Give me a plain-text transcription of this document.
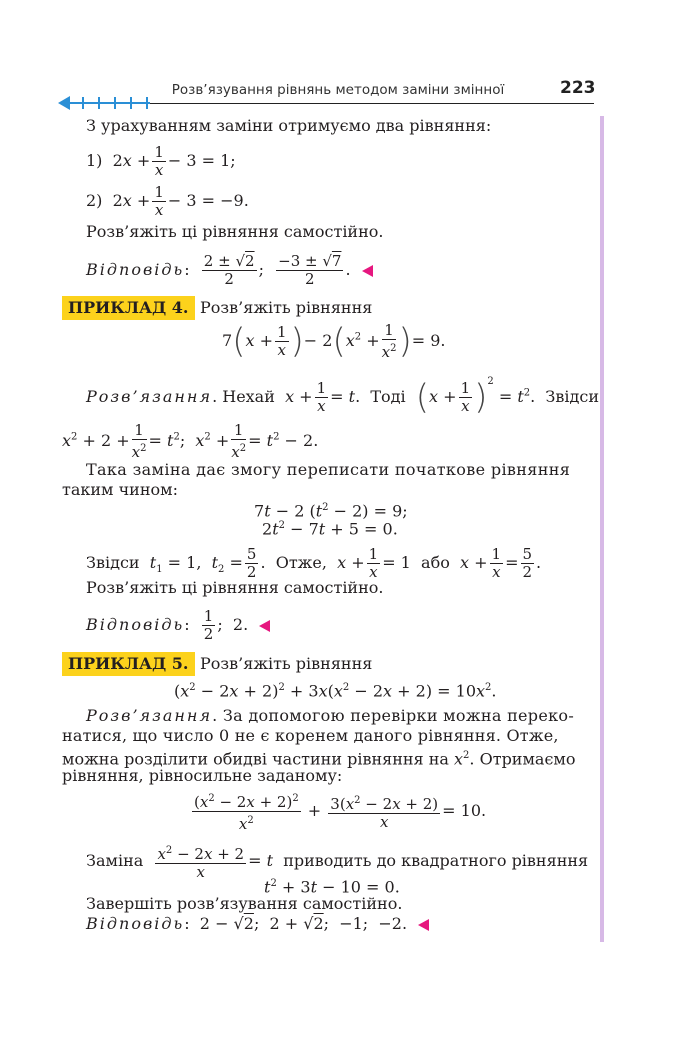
Розв’язування рівнянь методом заміни змінної	223
З урахуванням заміни отримуємо два рівняння:
1)  $2x + \frac{1}{x} - 3 = 1$;
2)  $2x + \frac{1}{x} - 3 = -9$.
Розв’яжіть ці рівняння самостійно.
Відповідь: $\frac{2 \pm √2}{2}$ ; $\frac{-3 \pm √7}{2}$ .
ПРИКЛАД 4. Розв’яжіть рівняння
$7(x + \frac{1}{x}$ )− $2(x^2 + \frac{1}{x^2}$ )= 9.
Розв’язання. Нехай  $x + \frac{1}{x} = t$.  Тоді  $(x + \frac{1}{x} )^2 = t^2$.  Звідси
$x^2 + 2 + \frac{1}{x^2} = t^2$;  $x^2 + \frac{1}{x^2} = t^2 - 2$.
Така заміна дає змогу переписати початкове рівняння
таким чином:
7t − 2 $(t^2 - 2) = 9$;
$2t^2 - 7t + 5 = 0$.
Звідси  $t_1 = 1$,  $t_2 = \frac{5}{2}$ .  Отже,  $x + \frac{1}{x} = 1$  або  $x + \frac{1}{x} = \frac{5}{2}$ .
Розв’яжіть ці рівняння самостійно.
Відповідь: $\frac{1}{2}$ ;  2.
ПРИКЛАД 5. Розв’яжіть рівняння
$(x^2 - 2x + 2)^2 + 3x(x^2 - 2x + 2) = 10x^2$.
Розв’язання. За допомогою перевірки можна переко-
натися, що число 0 не є коренем даного рівняння. Отже,
можна розділити обидві частини рівняння на $x^2$. Отримаємо
рівняння, рівносильне заданому:
$\frac{(x^2 - 2x + 2)^2}{x^2} + \frac{3(x^2 - 2x + 2)}{x} = 10$.
Заміна $\frac{x^2 - 2x + 2}{x} = t$ приводить до квадратного рівняння
$t^2 + 3t - 10 = 0$.
Завершіть розв’язування самостійно.
Відповідь:  2 − √2;  2 + √2;  −1;  −2.
